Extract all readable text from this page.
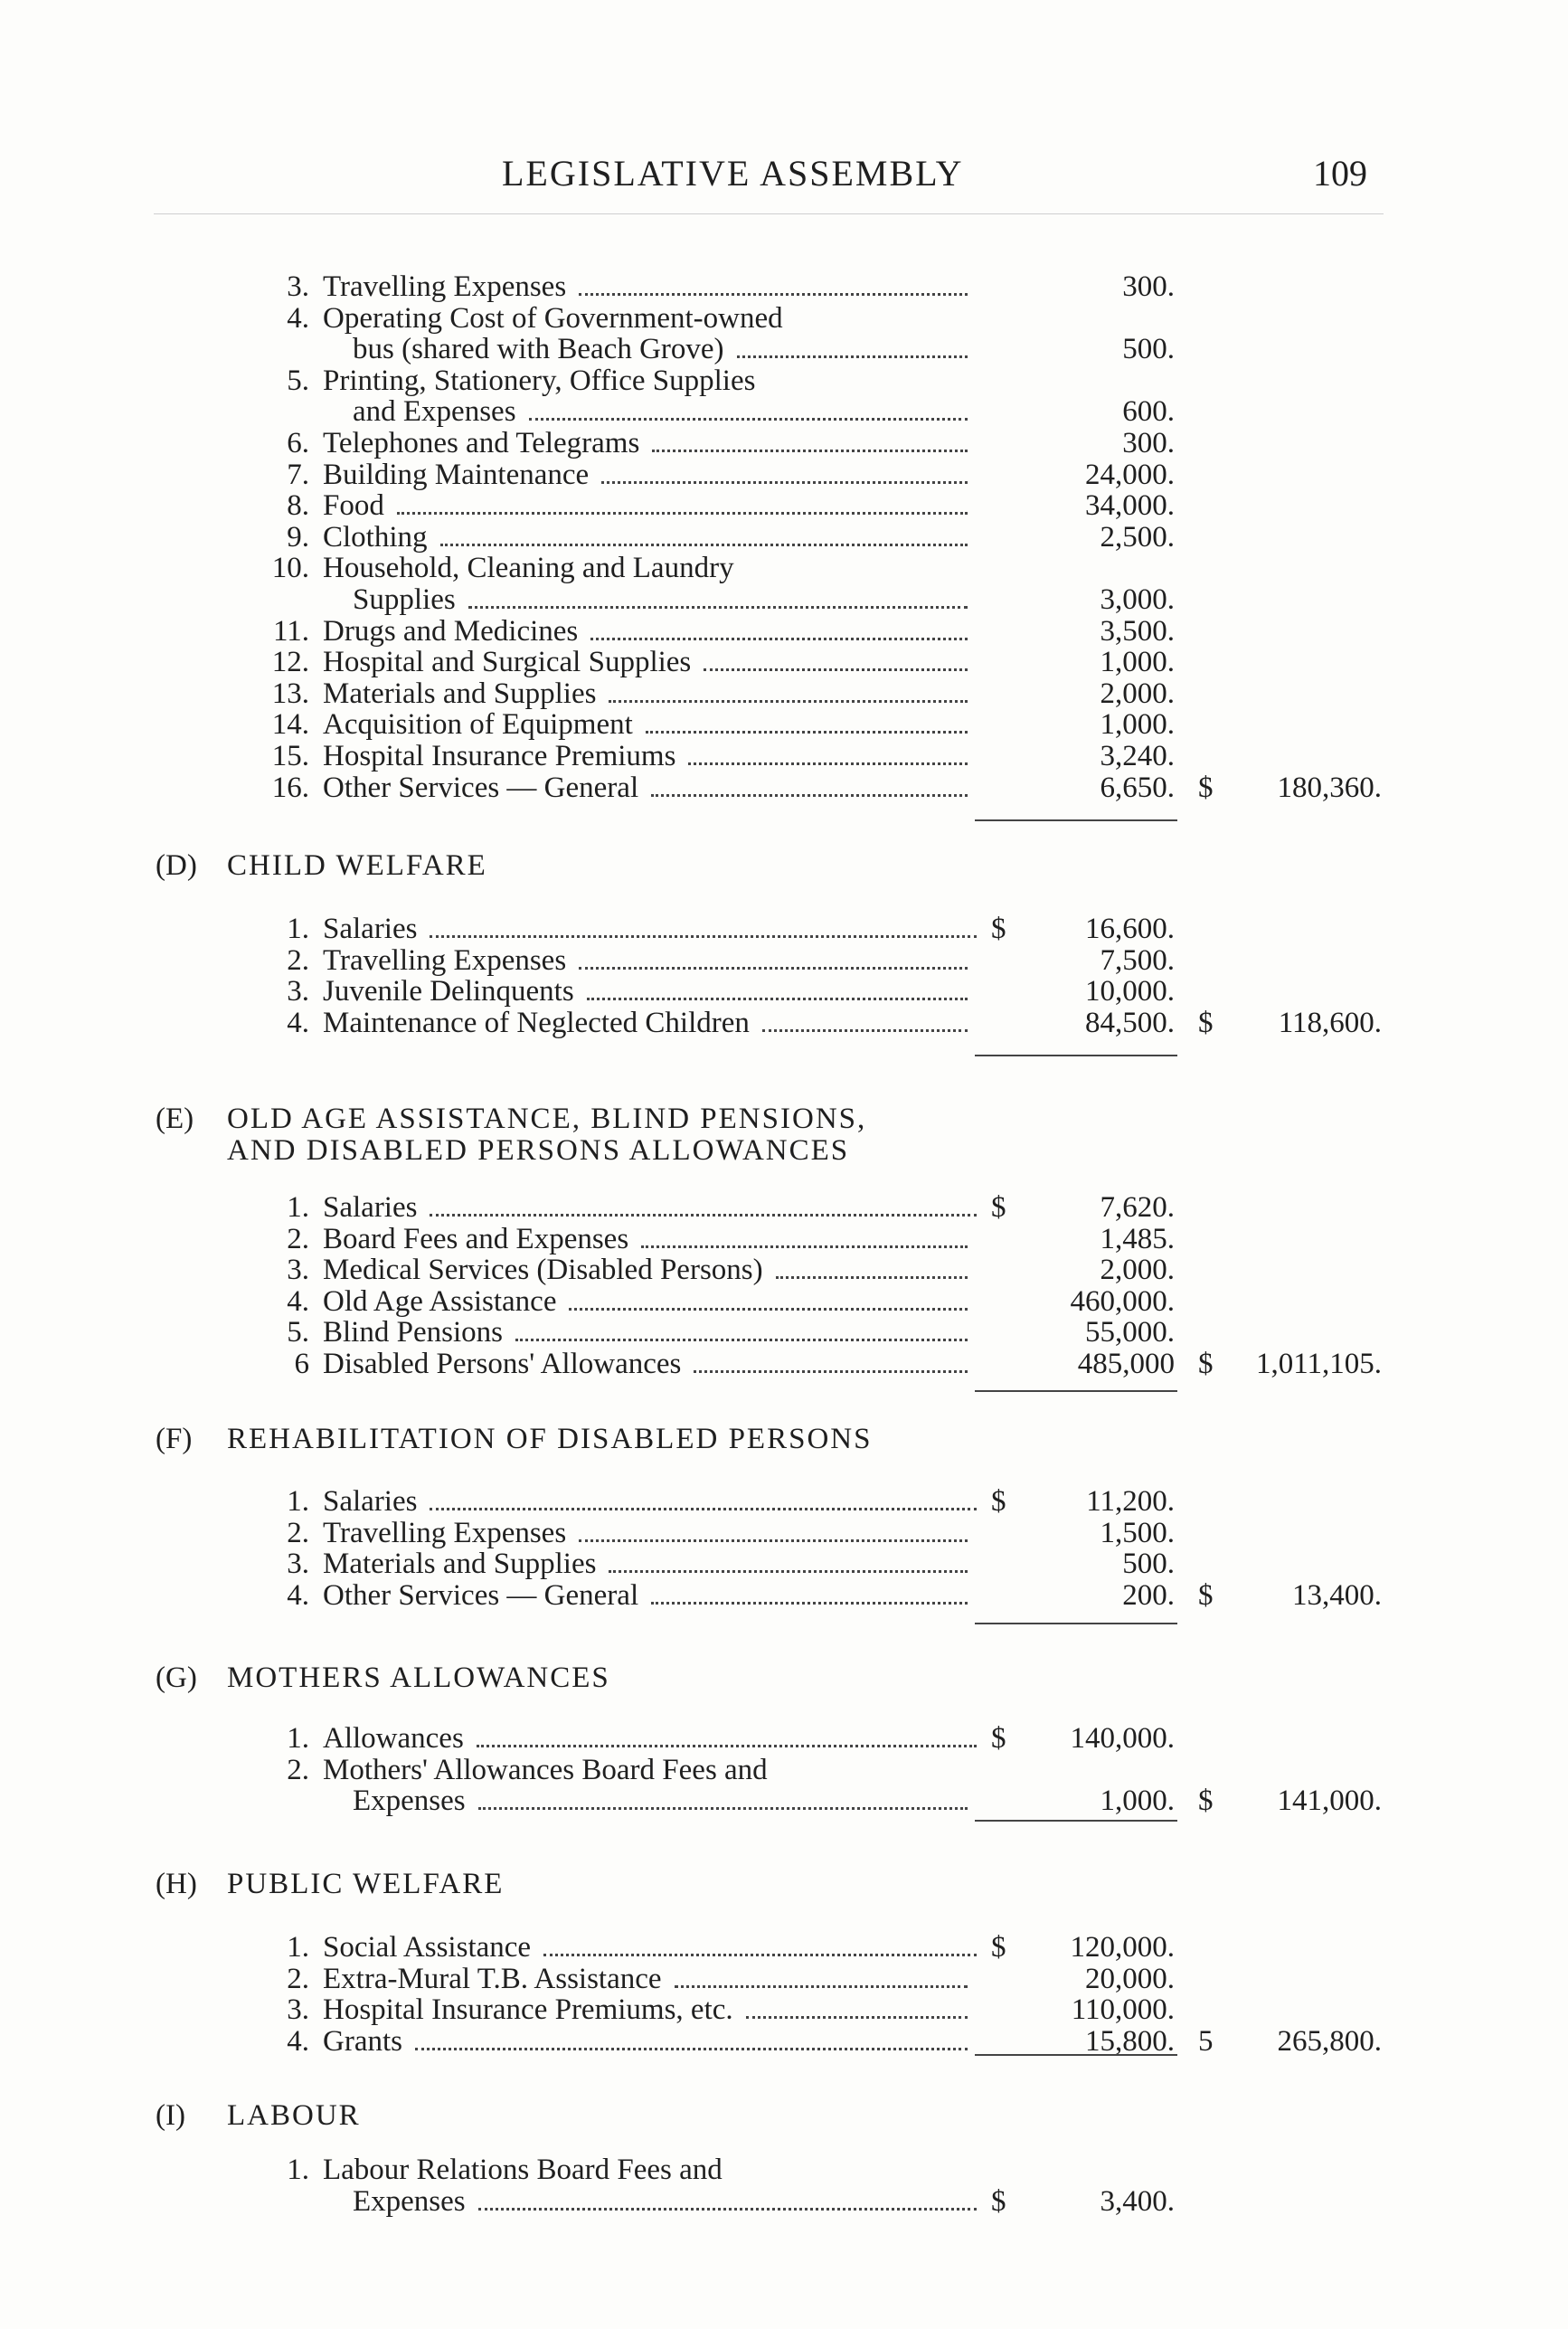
LEGISLATIVE ASSEMBLY	109
3. Travelling Expenses	300.
4. Operating Cost of Government-owned
bus (shared with Beach Grove)	500.
5. Printing, Stationery, Office Supplies
and Expenses	600.
6. Telephones and Telegrams	300.
7. Building Maintenance	24,000.
8. Food	34,000.
9. Clothing	2,500.
10. Household, Cleaning and Laundry
Supplies	3,000.
11. Drugs and Medicines	3,500.
12. Hospital and Surgical Supplies	1,000.
13. Materials and Supplies	2,000.
14. Acquisition of Equipment	1,000.
15. Hospital Insurance Premiums	3,240.
16. Other Services — General	6,650. $ 180,360.
(D) CHILD WELFARE
1. Salaries	$	16,600.
2. Travelling Expenses	7,500.
3. Juvenile Delinquents	10,000.
4. Maintenance of Neglected Children	84,500. $ 118,600.
(E) OLD AGE ASSISTANCE, BLIND PENSIONS,
AND DISABLED PERSONS ALLOWANCES
1. Salaries	$	7,620.
2. Board Fees and Expenses	1,485.
3. Medical Services (Disabled Persons)	2,000.
4. Old Age Assistance	460,000.
5. Blind Pensions	55,000.
6 Disabled Persons' Allowances	485,000 $ 1,011,105.
(F) REHABILITATION OF DISABLED PERSONS
1. Salaries	$	11,200.
2. Travelling Expenses	1,500.
3. Materials and Supplies	500.
4. Other Services — General	200. $	13,400.
(G) MOTHERS ALLOWANCES
1. Allowances	$ 140,000.
2. Mothers' Allowances Board Fees and
Expenses	1,000. $ 141,000.
(H) PUBLIC WELFARE
1. Social Assistance	$ 120,000.
2. Extra-Mural T.B. Assistance	20,000.
3. Hospital Insurance Premiums, etc.	110,000.
4. Grants	15,800. 5 265,800.
(I) LABOUR
1. Labour Relations Board Fees and
Expenses	$	3,400.
